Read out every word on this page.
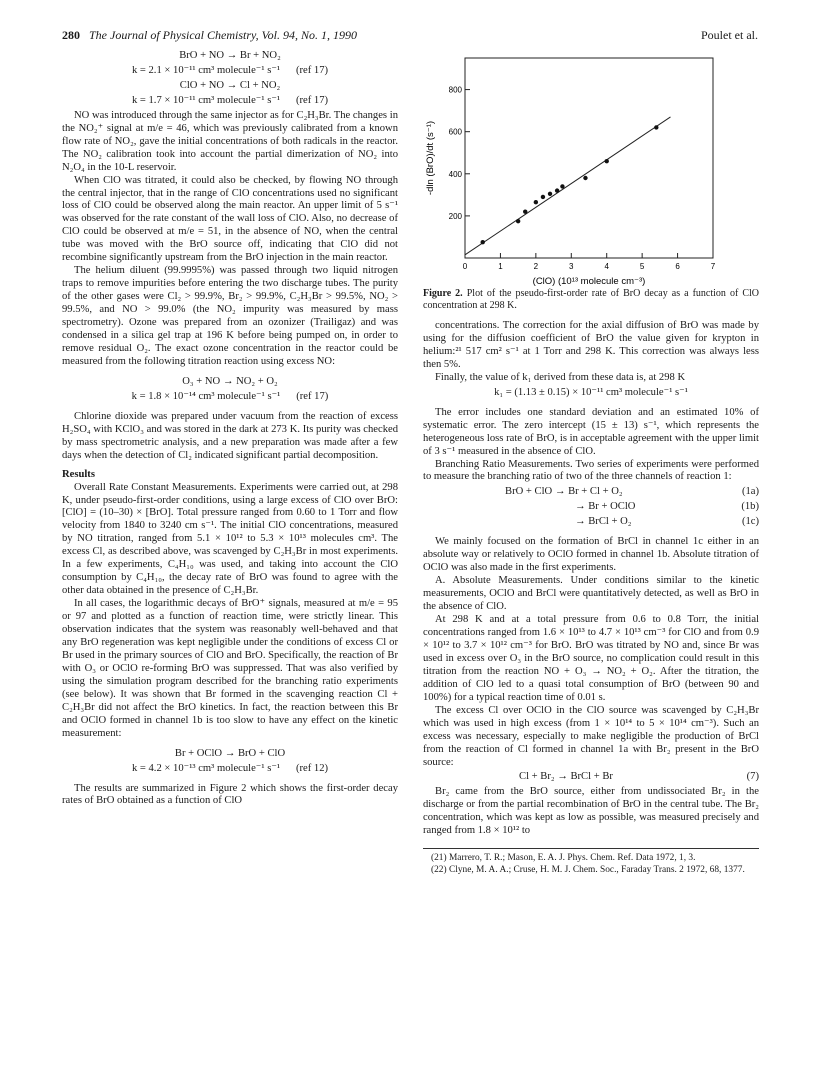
280 The Journal of Physical Chemistry, Vol. 94, No. 1, 1990	Poulet et al.

BrO + NO → Br + NO₂

k = 2.1 × 10⁻¹¹ cm³ molecule⁻¹ s⁻¹      (ref 17)

ClO + NO → Cl + NO₂

k = 1.7 × 10⁻¹¹ cm³ molecule⁻¹ s⁻¹      (ref 17)

NO was introduced through the same injector as for C₂H₃Br. The changes in the NO₂⁺ signal at m/e = 46, which was previously calibrated from a known flow rate of NO₂, gave the initial concentrations of both radicals in the reactor. The NO₂ calibration took into account the partial dimerization of NO₂ into N₂O₄ in the 10-L reservoir.

When ClO was titrated, it could also be checked, by flowing NO through the central injector, that in the range of ClO concentrations used no significant loss of ClO could be observed along the main reactor. An upper limit of 5 s⁻¹ was observed for the rate constant of the wall loss of ClO. Also, no decrease of ClO could be observed at m/e = 51, in the absence of NO, when the central tube was moved with the BrO source off, indicating that ClO did not recombine significantly upstream from the BrO injection in the main reactor.

The helium diluent (99.9995%) was passed through two liquid nitrogen traps to remove impurities before entering the two discharge tubes. The purity of the other gases were Cl₂ > 99.9%, Br₂ > 99.9%, C₂H₃Br > 99.5%, NO₂ > 99.5%, and NO > 99.0% (the NO₂ impurity was measured by mass spectrometry). Ozone was prepared from an ozonizer (Trailigaz) and was condensed in a silica gel trap at 196 K before being pumped on, in order to remove residual O₂. The exact ozone concentration in the reactor could be measured from the following titration reaction using excess NO:

O₃ + NO → NO₂ + O₂

k = 1.8 × 10⁻¹⁴ cm³ molecule⁻¹ s⁻¹      (ref 17)

Chlorine dioxide was prepared under vacuum from the reaction of excess H₂SO₄ with KClO₃ and was stored in the dark at 273 K. Its purity was checked by mass spectrometric analysis, and a new preparation was made after a few days when the detection of Cl₂ indicated significant partial decomposition.

Results

Overall Rate Constant Measurements. Experiments were carried out, at 298 K, under pseudo-first-order conditions, using a large excess of ClO over BrO: [ClO] = (10–30) × [BrO]. Total pressure ranged from 0.60 to 1 Torr and flow velocity from 1840 to 3240 cm s⁻¹. The initial ClO concentrations, measured by NO titration, ranged from 5.1 × 10¹² to 5.3 × 10¹³ molecules cm³. The excess Cl, as described above, was scavenged by C₂H₃Br in most experiments. In a few experiments, C₄H₁₀ was used, and taking into account the ClO consumption by C₄H₁₀, the decay rate of BrO was found to agree with the other data obtained in the presence of C₂H₃Br.

In all cases, the logarithmic decays of BrO⁺ signals, measured at m/e = 95 or 97 and plotted as a function of reaction time, were strictly linear. This observation indicates that the system was reasonably well-behaved and that any BrO regeneration was kept negligible under the conditions of excess Cl or Br used in the primary sources of ClO and BrO. Specifically, the reaction of Br with O₃ or OClO re-forming BrO was suppressed. That was also verified by using the simulation program described for the branching ratio experiments (see below). It was shown that Br formed in the scavenging reaction Cl + C₂H₃Br did not affect the BrO kinetics. In fact, the reaction between this Br and OClO formed in channel 1b is too slow to have any effect on the kinetic measurement:

Br + OClO → BrO + ClO

k = 4.2 × 10⁻¹³ cm³ molecule⁻¹ s⁻¹      (ref 12)

The results are summarized in Figure 2 which shows the first-order decay rates of BrO obtained as a function of ClO

-dln (BrO)/dt (s⁻¹)
(ClO) (10¹³ molecule cm⁻³)
0	1	2	3	4	5	6	7
200
400
600
800

Figure 2. Plot of the pseudo-first-order rate of BrO decay as a function of ClO concentration at 298 K.

concentrations. The correction for the axial diffusion of BrO was made by using for the diffusion coefficient of BrO the value given for krypton in helium:²¹ 517 cm² s⁻¹ at 1 Torr and 298 K. This correction was always less then 5%.

Finally, the value of k₁ derived from these data is, at 298 K

k₁ = (1.13 ± 0.15) × 10⁻¹¹ cm³ molecule⁻¹ s⁻¹

The error includes one standard deviation and an estimated 10% of systematic error. The zero intercept (15 ± 13) s⁻¹, which represents the heterogeneous loss rate of BrO, is in acceptable agreement with the upper limit of 3 s⁻¹ measured in the absence of ClO.

Branching Ratio Measurements. Two series of experiments were performed to measure the branching ratio of two of the three channels of reaction 1:

BrO + ClO → Br + Cl + O₂	(1a)

→ Br + OClO	(1b)

→ BrCl + O₂	(1c)

We mainly focused on the formation of BrCl in channel 1c either in an absolute way or relatively to OClO formed in channel 1b. Absolute titration of OClO was also made in the first experiments.

A. Absolute Measurements. Under conditions similar to the kinetic measurements, OClO and BrCl were quantitatively detected, as well as BrO in the absence of ClO.

At 298 K and at a total pressure from 0.6 to 0.8 Torr, the initial concentrations ranged from 1.6 × 10¹³ to 4.7 × 10¹³ cm⁻³ for ClO and from 0.9 × 10¹² to 3.7 × 10¹² cm⁻³ for BrO. BrO was titrated by NO and, since Br was used in excess over O₃ in the BrO source, no complication could result in this titration from the reaction NO + O₃ → NO₂ + O₂. After the titration, the addition of ClO led to a quasi total consumption of BrO (between 90 and 100%) for a typical reaction time of 0.01 s.

The excess Cl over OClO in the ClO source was scavenged by C₂H₃Br which was used in high excess (from 1 × 10¹⁴ to 5 × 10¹⁴ cm⁻³). Such an excess was necessary, especially to make negligible the production of BrCl from the reaction of Cl formed in channel 1a with Br₂ present in the BrO source:

Cl + Br₂ → BrCl + Br	(7)

Br₂ came from the BrO source, either from undissociated Br₂ in the discharge or from the partial recombination of BrO in the central tube. The Br₂ concentration, which was kept as low as possible, was measured precisely and ranged from 1.8 × 10¹² to

(21) Marrero, T. R.; Mason, E. A. J. Phys. Chem. Ref. Data 1972, 1, 3.

(22) Clyne, M. A. A.; Cruse, H. M. J. Chem. Soc., Faraday Trans. 2 1972, 68, 1377.
